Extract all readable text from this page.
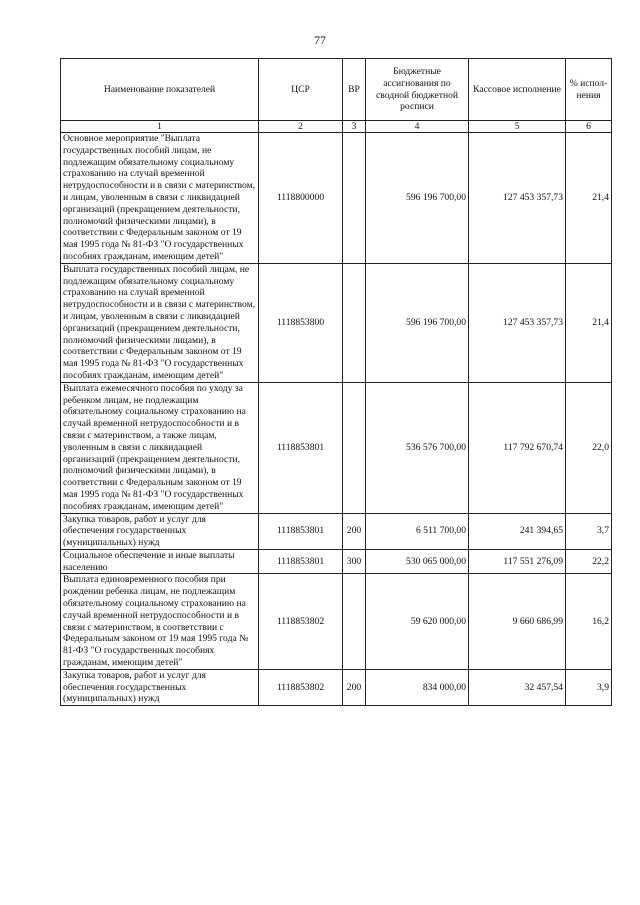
77
Наименование показателей	ЦСР	ВР	Бюджетные ассигнования по сводной бюджетной росписи	Кассовое исполнение	% испол- нения
1	2	3	4	5	6
Основное мероприятие "Выплата государственных пособий лицам, не подлежащим обязательному социальному страхованию на случай временной нетрудоспособности и в связи с материнством, и лицам, уволенным в связи с ликвидацией организаций (прекращением деятельности, полномочий физическими лицами), в соответствии с Федеральным законом от 19 мая 1995 года № 81-ФЗ "О государственных пособиях гражданам, имеющим детей"	1118800000		596 196 700,00	127 453 357,73	21,4
Выплата государственных пособий лицам, не подлежащим обязательному социальному страхованию на случай временной нетрудоспособности и в связи с материнством, и лицам, уволенным в связи с ликвидацией организаций (прекращением деятельности, полномочий физическими лицами), в соответствии с Федеральным законом от 19 мая 1995 года № 81-ФЗ "О государственных пособиях гражданам, имеющим детей"	1118853800		596 196 700,00	127 453 357,73	21,4
Выплата ежемесячного пособия по уходу за ребенком лицам, не подлежащим обязательному социальному страхованию на случай временной нетрудоспособности и в связи с материнством, а также лицам, уволенным в связи с ликвидацией организаций (прекращением деятельности, полномочий физическими лицами), в соответствии с Федеральным законом от 19 мая 1995 года № 81-ФЗ "О государственных пособиях гражданам, имеющим детей"	1118853801		536 576 700,00	117 792 670,74	22,0
Закупка товаров, работ и услуг для обеспечения государственных (муниципальных) нужд	1118853801	200	6 511 700,00	241 394,65	3,7
Социальное обеспечение и иные выплаты населению	1118853801	300	530 065 000,00	117 551 276,09	22,2
Выплата единовременного пособия при рождении ребенка лицам, не подлежащим обязательному социальному страхованию на случай временной нетрудоспособности и в связи с материнством, в соответствии с Федеральным законом от 19 мая 1995 года № 81-ФЗ "О государственных пособиях гражданам, имеющим детей"	1118853802		59 620 000,00	9 660 686,99	16,2
Закупка товаров, работ и услуг для обеспечения государственных (муниципальных) нужд	1118853802	200	834 000,00	32 457,54	3,9
